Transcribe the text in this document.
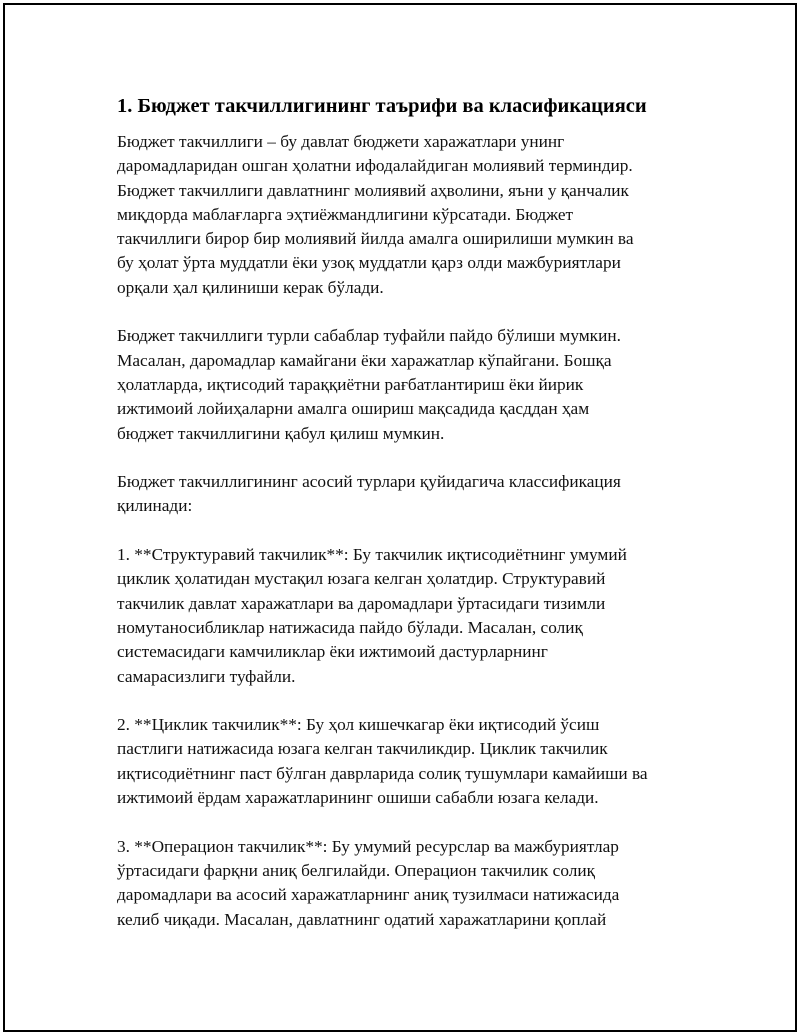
1. Бюджет такчиллигининг таърифи ва класификацияси

Бюджет такчиллиги – бу давлат бюджети харажатлари унинг
даромадларидан ошган ҳолатни ифодалайдиган молиявий терминдир.
Бюджет такчиллиги давлатнинг молиявий аҳволини, яъни у қанчалик
миқдорда маблағларга эҳтиёжмандлигини кўрсатади. Бюджет
такчиллиги бирор бир молиявий йилда амалга оширилиши мумкин ва
бу ҳолат ўрта муддатли ёки узоқ муддатли қарз олди мажбуриятлари
орқали ҳал қилиниши керак бўлади.

Бюджет такчиллиги турли сабаблар туфайли пайдо бўлиши мумкин.
Масалан, даромадлар камайгани ёки харажатлар кўпайгани. Бошқа
ҳолатларда, иқтисодий тараққиётни рағбатлантириш ёки йирик
ижтимоий лойиҳаларни амалга ошириш мақсадида қасддан ҳам
бюджет такчиллигини қабул қилиш мумкин.

Бюджет такчиллигининг асосий турлари қуйидагича классификация
қилинади:

1. **Структуравий такчилик**: Бу такчилик иқтисодиётнинг умумий
циклик ҳолатидан мустақил юзага келган ҳолатдир. Структуравий
такчилик давлат харажатлари ва даромадлари ўртасидаги тизимли
номутаносибликлар натижасида пайдо бўлади. Масалан, солиқ
системасидаги камчиликлар ёки ижтимоий дастурларнинг
самарасизлиги туфайли.

2. **Циклик такчилик**: Бу ҳол кишечкагар ёки иқтисодий ўсиш
пастлиги натижасида юзага келган такчиликдир. Циклик такчилик
иқтисодиётнинг паст бўлган даврларида солиқ тушумлари камайиши ва
ижтимоий ёрдам харажатларининг ошиши сабабли юзага келади.

3. **Операцион такчилик**: Бу умумий ресурслар ва мажбуриятлар
ўртасидаги фарқни аниқ белгилайди. Операцион такчилик солиқ
даромадлари ва асосий харажатларнинг аниқ тузилмаси натижасида
келиб чиқади. Масалан, давлатнинг одатий харажатларини қоплай
